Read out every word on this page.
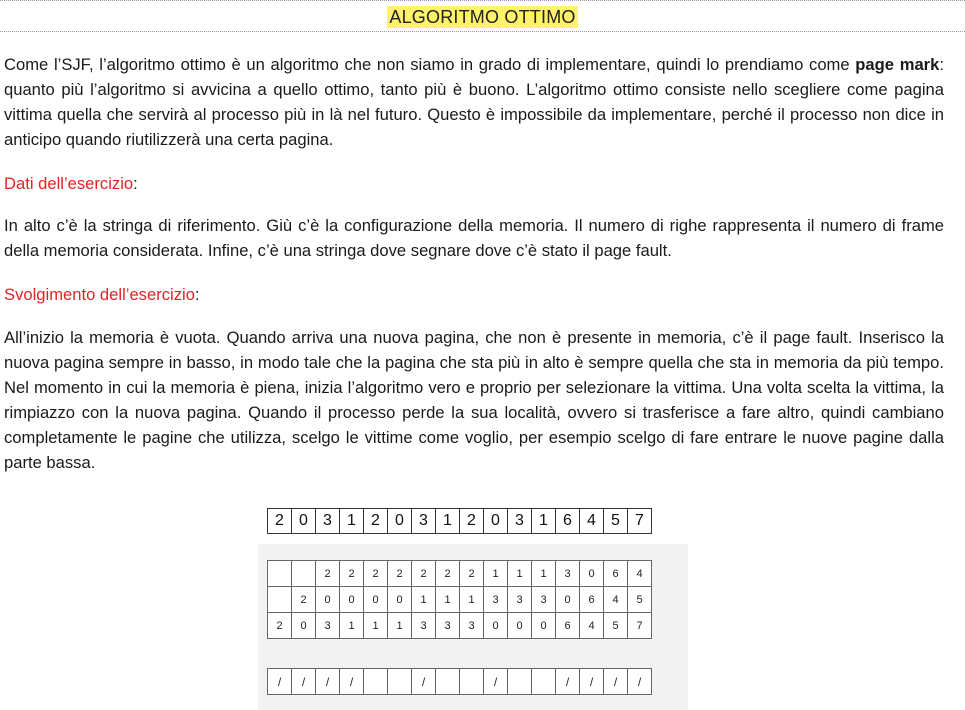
ALGORITMO OTTIMO

Come l’SJF, l’algoritmo ottimo è un algoritmo che non siamo in grado di implementare, quindi lo prendiamo come page mark: quanto più l’algoritmo si avvicina a quello ottimo, tanto più è buono. L’algoritmo ottimo consiste nello scegliere come pagina vittima quella che servirà al processo più in là nel futuro. Questo è impossibile da implementare, perché il processo non dice in anticipo quando riutilizzerà una certa pagina.

Dati dell’esercizio:

In alto c’è la stringa di riferimento. Giù c’è la configurazione della memoria. Il numero di righe rappresenta il numero di frame della memoria considerata. Infine, c’è una stringa dove segnare dove c’è stato il page fault.

Svolgimento dell’esercizio:

All’inizio la memoria è vuota. Quando arriva una nuova pagina, che non è presente in memoria, c’è il page fault. Inserisco la nuova pagina sempre in basso, in modo tale che la pagina che sta più in alto è sempre quella che sta in memoria da più tempo. Nel momento in cui la memoria è piena, inizia l’algoritmo vero e proprio per selezionare la vittima. Una volta scelta la vittima, la rimpiazzo con la nuova pagina. Quando il processo perde la sua località, ovvero si trasferisce a fare altro, quindi cambiano completamente le pagine che utilizza, scelgo le vittime come voglio, per esempio scelgo di fare entrare le nuove pagine dalla parte bassa.

2	0	3	1	2	0	3	1	2	0	3	1	6	4	5	7
		2	2	2	2	2	2	2	1	1	1	3	0	6	4
	2	0	0	0	0	1	1	1	3	3	3	0	6	4	5
2	0	3	1	1	1	3	3	3	0	0	0	6	4	5	7
/	/	/	/			/			/			/	/	/	/
